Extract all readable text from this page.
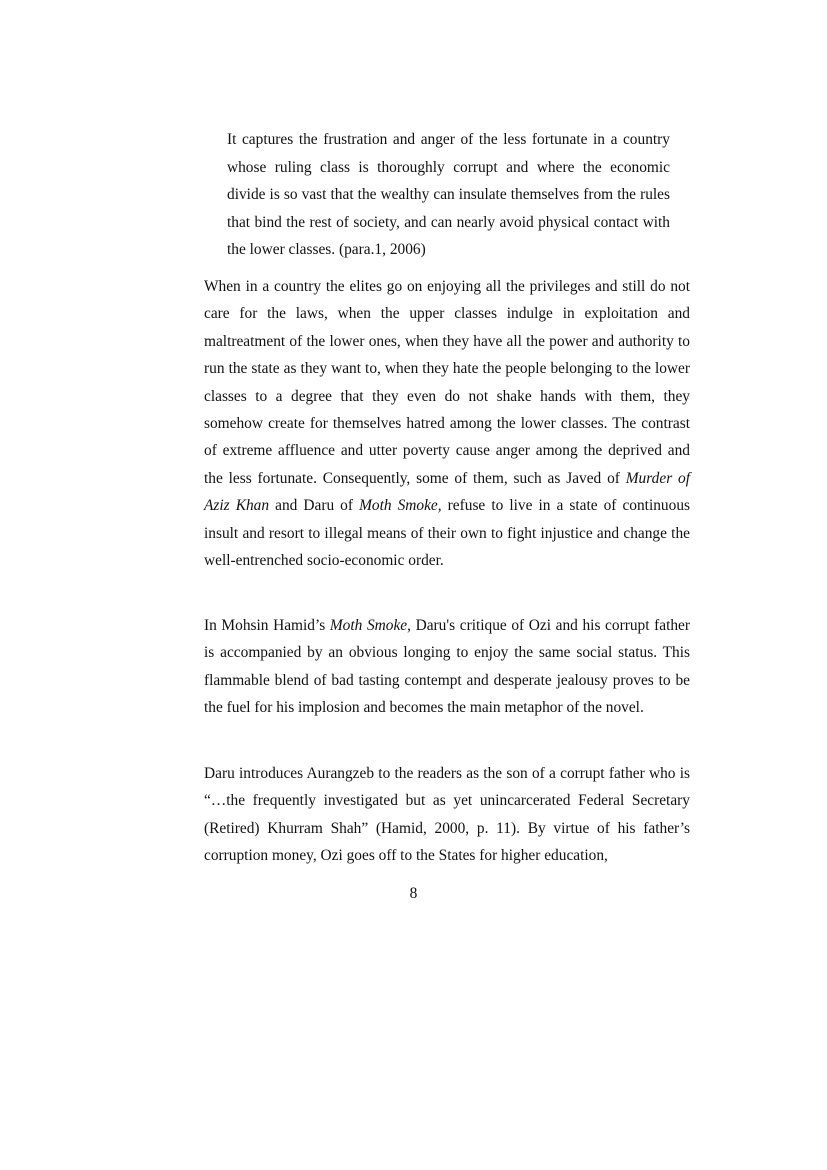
It captures the frustration and anger of the less fortunate in a country whose ruling class is thoroughly corrupt and where the economic divide is so vast that the wealthy can insulate themselves from the rules that bind the rest of society, and can nearly avoid physical contact with the lower classes. (para.1, 2006)

When in a country the elites go on enjoying all the privileges and still do not care for the laws, when the upper classes indulge in exploitation and maltreatment of the lower ones, when they have all the power and authority to run the state as they want to, when they hate the people belonging to the lower classes to a degree that they even do not shake hands with them, they somehow create for themselves hatred among the lower classes. The contrast of extreme affluence and utter poverty cause anger among the deprived and the less fortunate. Consequently, some of them, such as Javed of Murder of Aziz Khan and Daru of Moth Smoke, refuse to live in a state of continuous insult and resort to illegal means of their own to fight injustice and change the well-entrenched socio-economic order.

In Mohsin Hamid’s Moth Smoke, Daru's critique of Ozi and his corrupt father is accompanied by an obvious longing to enjoy the same social status. This flammable blend of bad tasting contempt and desperate jealousy proves to be the fuel for his implosion and becomes the main metaphor of the novel.

Daru introduces Aurangzeb to the readers as the son of a corrupt father who is “…the frequently investigated but as yet unincarcerated Federal Secretary (Retired) Khurram Shah” (Hamid, 2000, p. 11). By virtue of his father’s corruption money, Ozi goes off to the States for higher education,

8
